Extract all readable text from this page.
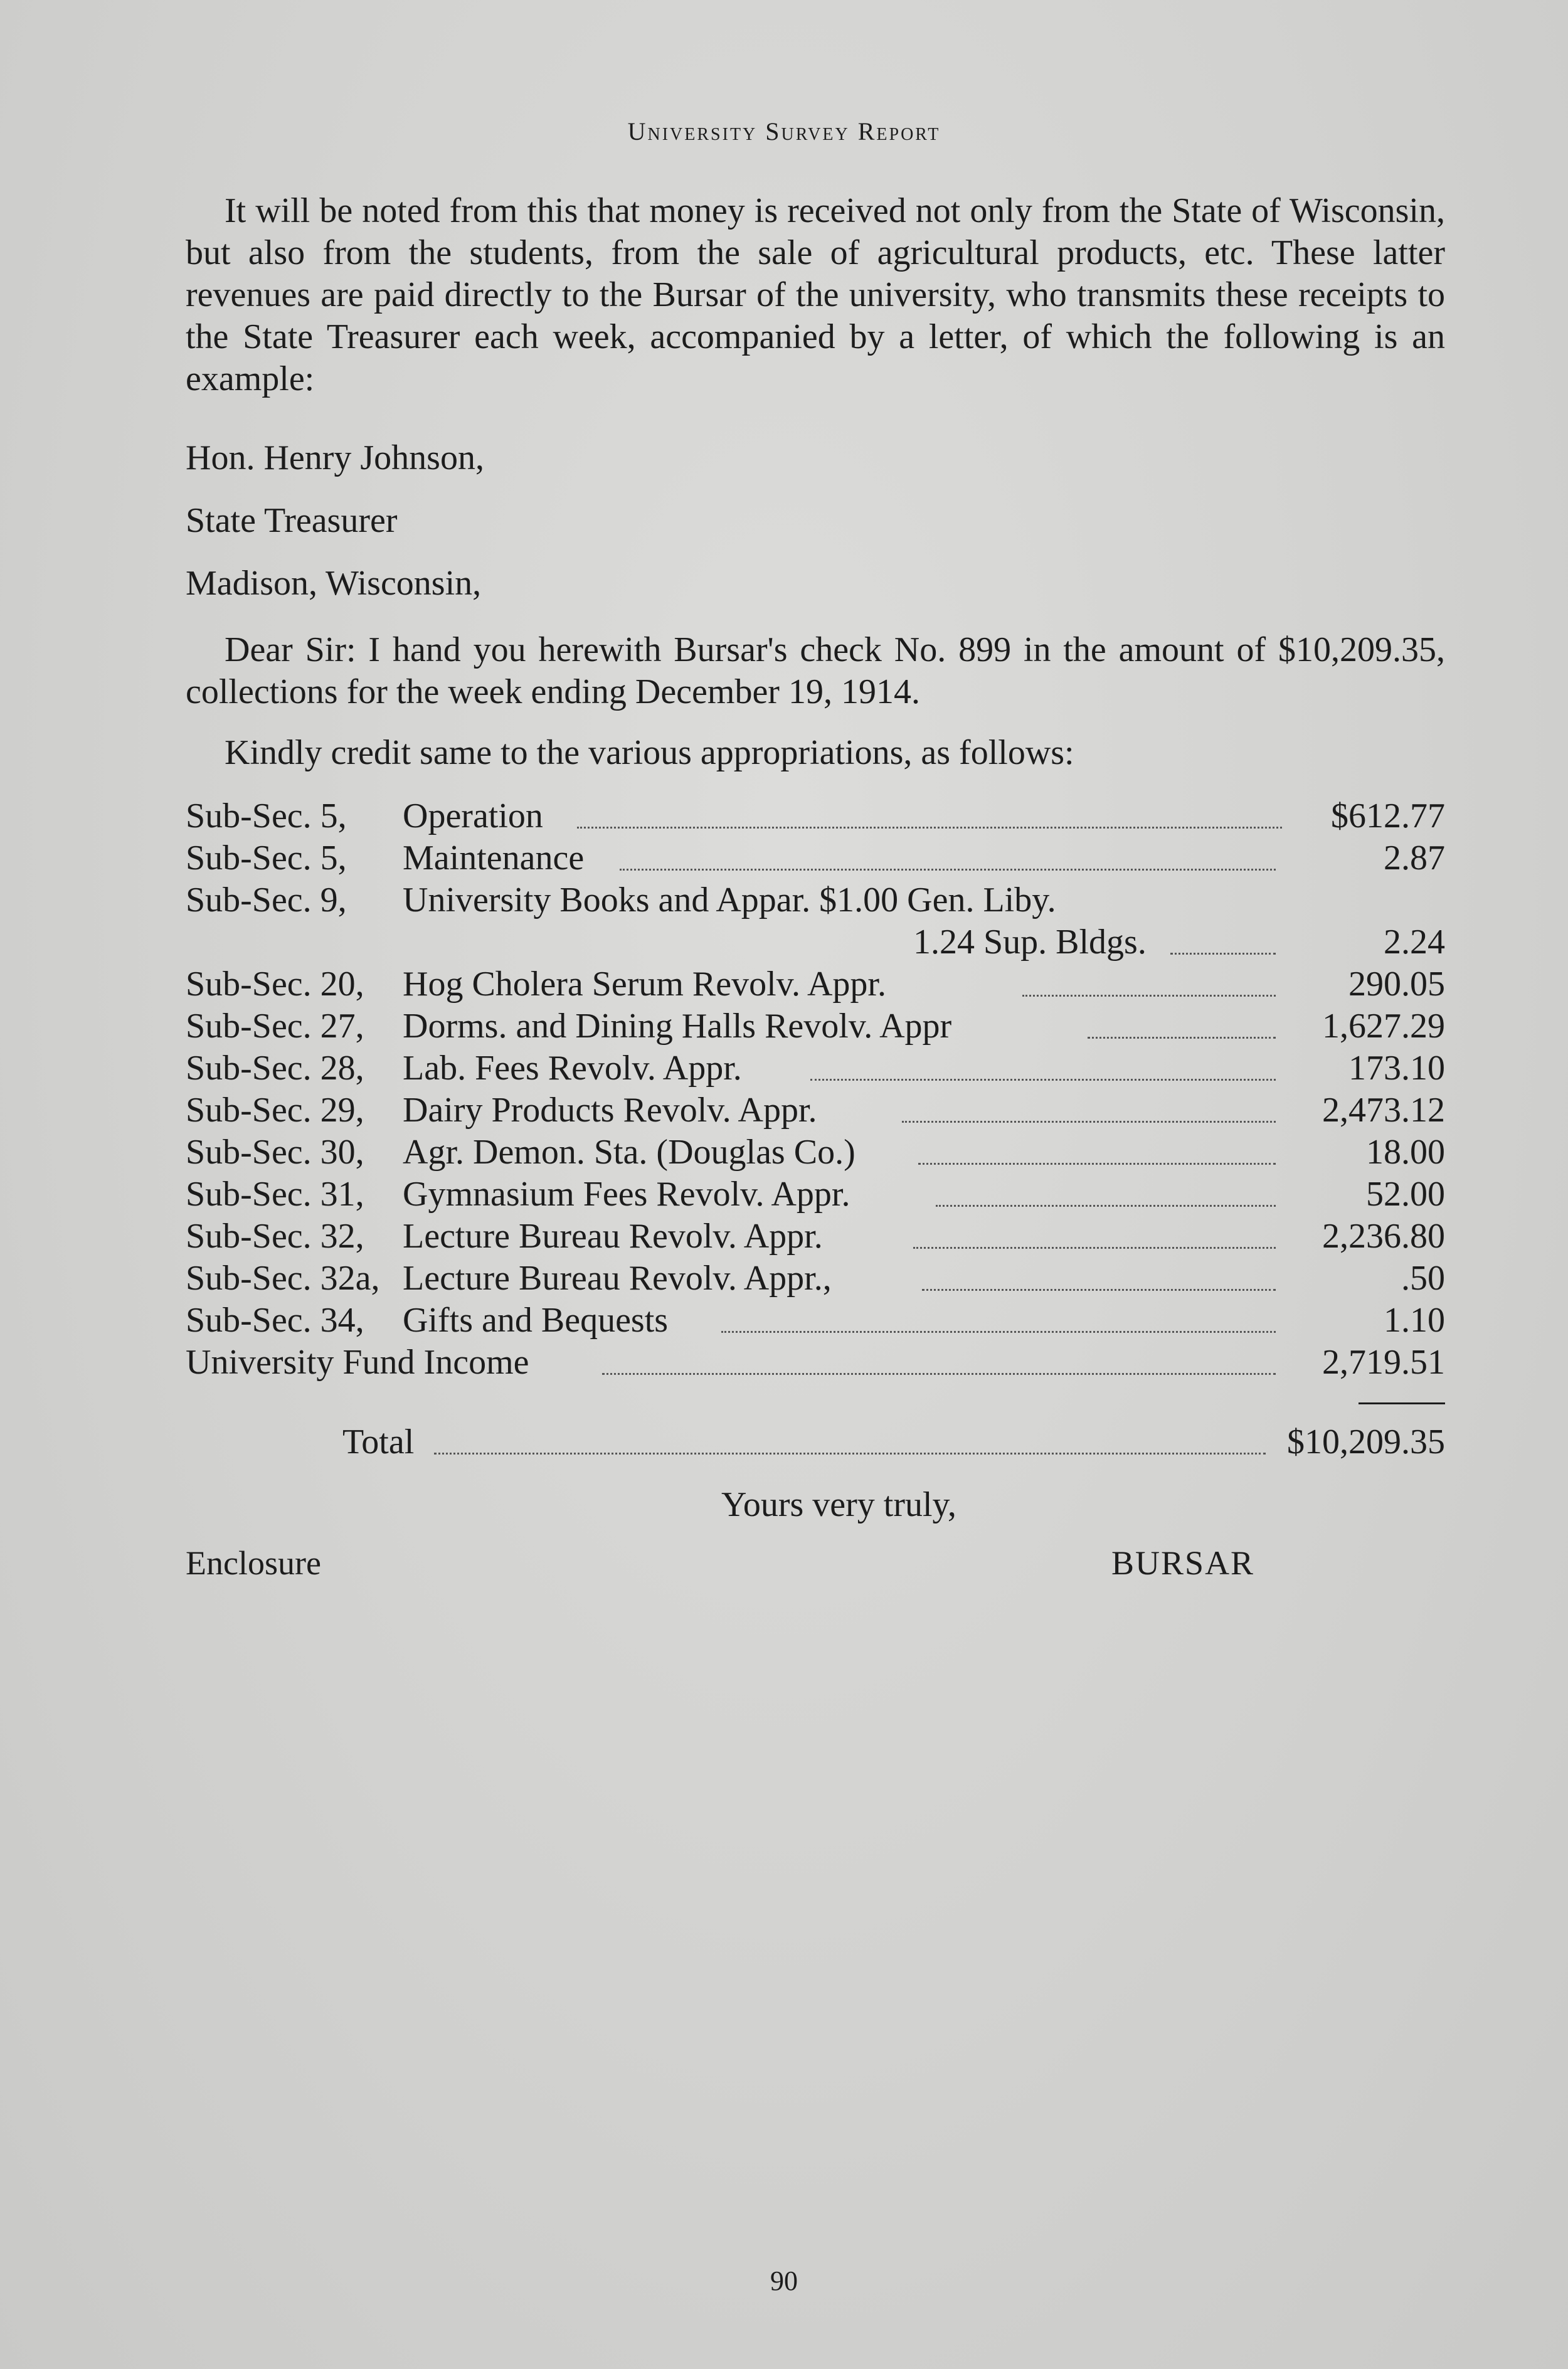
University Survey Report
It will be noted from this that money is received not only from the State of Wisconsin, but also from the students, from the sale of agricultural products, etc. These latter revenues are paid directly to the Bursar of the university, who transmits these receipts to the State Treasurer each week, accompanied by a letter, of which the following is an example:
Hon. Henry Johnson,
State Treasurer
Madison, Wisconsin,
Dear Sir: I hand you herewith Bursar's check No. 899 in the amount of $10,209.35, collections for the week ending December 19, 1914.
Kindly credit same to the various appropriations, as follows:
Sub-Sec. 5, Operation	$612.77
Sub-Sec. 5, Maintenance	2.87
Sub-Sec. 9, University Books and Appar. $1.00 Gen. Liby.
1.24 Sup. Bldgs.	2.24
Sub-Sec. 20, Hog Cholera Serum Revolv. Appr.	290.05
Sub-Sec. 27, Dorms. and Dining Halls Revolv. Appr	1,627.29
Sub-Sec. 28, Lab. Fees Revolv. Appr.	173.10
Sub-Sec. 29, Dairy Products Revolv. Appr.	2,473.12
Sub-Sec. 30, Agr. Demon. Sta. (Douglas Co.)	18.00
Sub-Sec. 31, Gymnasium Fees Revolv. Appr.	52.00
Sub-Sec. 32, Lecture Bureau Revolv. Appr.	2,236.80
Sub-Sec. 32a, Lecture Bureau Revolv. Appr.,	.50
Sub-Sec. 34, Gifts and Bequests	1.10
University Fund Income	2,719.51
Total	$10,209.35
Yours very truly,
Enclosure	BURSAR
90
